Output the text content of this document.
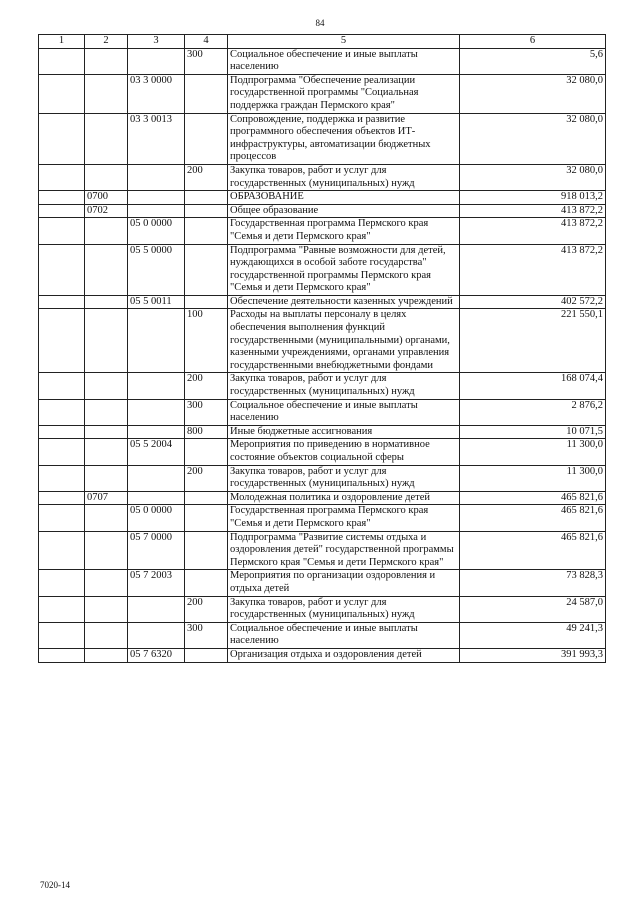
84
1	2	3	4	5	6
			300	Социальное обеспечение и иные выплаты населению	5,6
		03 3 0000		Подпрограмма "Обеспечение реализации государственной программы "Социальная поддержка граждан Пермского края"	32 080,0
		03 3 0013		Сопровождение, поддержка и развитие программного обеспечения объектов ИТ-инфраструктуры, автоматизации бюджетных процессов	32 080,0
			200	Закупка товаров, работ и услуг для государственных (муниципальных) нужд	32 080,0
	0700			ОБРАЗОВАНИЕ	918 013,2
	0702			Общее образование	413 872,2
		05 0 0000		Государственная программа Пермского края "Семья и дети Пермского края"	413 872,2
		05 5 0000		Подпрограмма "Равные возможности для детей, нуждающихся в особой заботе государства" государственной программы Пермского края "Семья и дети Пермского края"	413 872,2
		05 5 0011		Обеспечение деятельности казенных учреждений	402 572,2
			100	Расходы на выплаты персоналу в целях обеспечения выполнения функций государственными (муниципальными) органами, казенными учреждениями, органами управления государственными внебюджетными фондами	221 550,1
			200	Закупка товаров, работ и услуг для государственных (муниципальных) нужд	168 074,4
			300	Социальное обеспечение и иные выплаты населению	2 876,2
			800	Иные бюджетные ассигнования	10 071,5
		05 5 2004		Мероприятия по приведению в нормативное состояние объектов социальной сферы	11 300,0
			200	Закупка товаров, работ и услуг для государственных (муниципальных) нужд	11 300,0
	0707			Молодежная политика и оздоровление детей	465 821,6
		05 0 0000		Государственная программа Пермского края "Семья и дети Пермского края"	465 821,6
		05 7 0000		Подпрограмма "Развитие системы отдыха и оздоровления детей" государственной программы Пермского края "Семья и дети Пермского края"	465 821,6
		05 7 2003		Мероприятия по организации оздоровления и отдыха детей	73 828,3
			200	Закупка товаров, работ и услуг для государственных (муниципальных) нужд	24 587,0
			300	Социальное обеспечение и иные выплаты населению	49 241,3
		05 7 6320		Организация отдыха и оздоровления детей	391 993,3
7020-14
